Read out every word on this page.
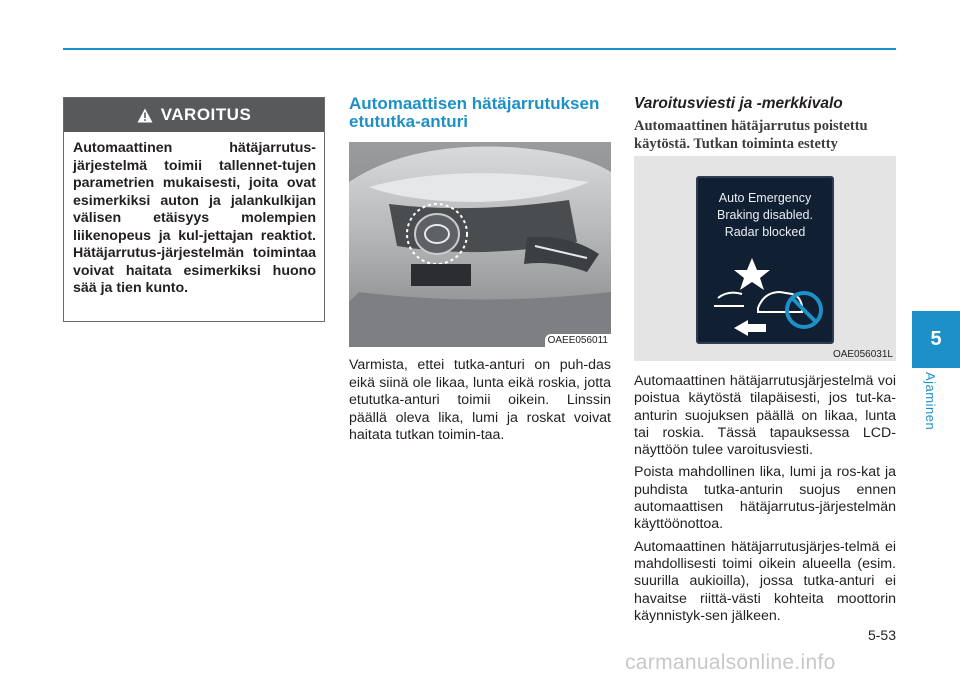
VAROITUS
Automaattinen hätäjarrutus-järjestelmä toimii tallennet-tujen parametrien mukaisesti, joita ovat esimerkiksi auton ja jalankulkijan välisen etäisyys molempien liikenopeus ja kul-jettajan reaktiot. Hätäjarrutus-järjestelmän toimintaa voivat haitata esimerkiksi huono sää ja tien kunto.
Automaattisen hätäjarrutuksen etututka-anturi
OAEE056011
Varmista, ettei tutka-anturi on puh-das eikä siinä ole likaa, lunta eikä roskia, jotta etututka-anturi toimii oikein. Linssin päällä oleva lika, lumi ja roskat voivat haitata tutkan toimin-taa.
Varoitusviesti ja -merkkivalo
Automaattinen hätäjarrutus poistettu käytöstä. Tutkan toiminta estetty
Auto Emergency
Braking disabled.
Radar blocked
OAE056031L

Automaattinen hätäjarrutusjärjestelmä voi poistua käytöstä tilapäisesti, jos tut-ka-anturin suojuksen päällä on likaa, lunta tai roskia. Tässä tapauksessa LCD-näyttöön tulee varoitusviesti.

Poista mahdollinen lika, lumi ja ros-kat ja puhdista tutka-anturin suojus ennen automaattisen hätäjarrutus-järjestelmän käyttöönottoa.

Automaattinen hätäjarrutusjärjes-telmä ei mahdollisesti toimi oikein alueella (esim. suurilla aukioilla), jossa tutka-anturi ei havaitse riittä-västi kohteita moottorin käynnistyk-sen jälkeen.

5
Ajaminen
5-53
carmanualsonline.info
